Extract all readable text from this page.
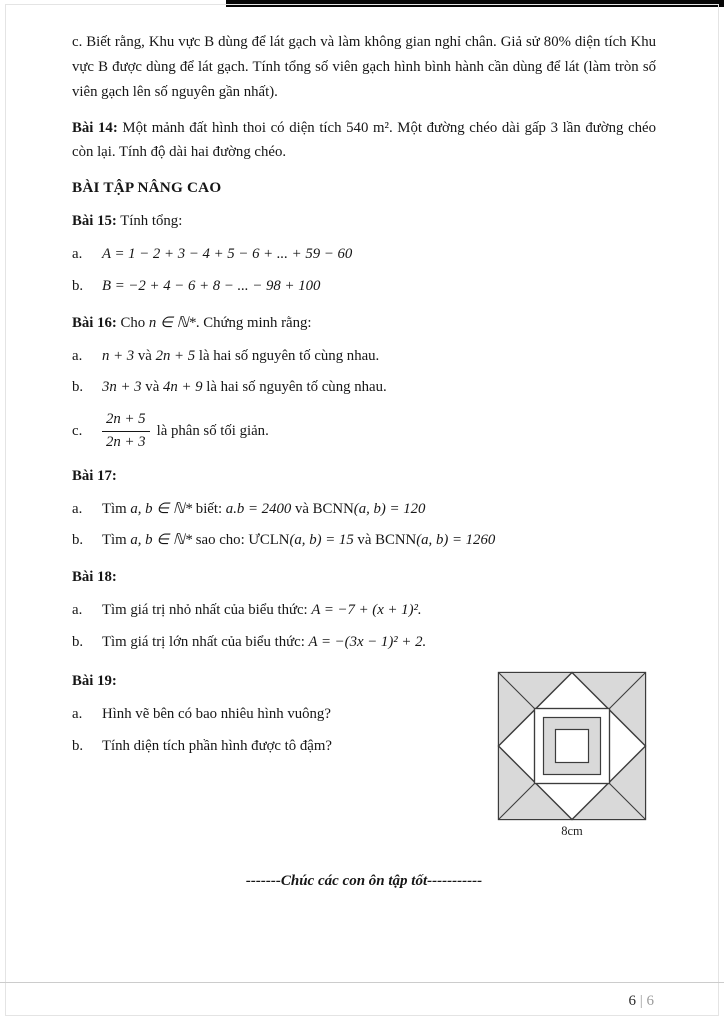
c. Biết rằng, Khu vực B dùng để lát gạch và làm không gian nghỉ chân. Giả sử 80% diện tích Khu vực B được dùng để lát gạch. Tính tổng số viên gạch hình bình hành cần dùng để lát (làm tròn số viên gạch lên số nguyên gần nhất).

Bài 14: Một mảnh đất hình thoi có diện tích 540 m². Một đường chéo dài gấp 3 lần đường chéo còn lại. Tính độ dài hai đường chéo.

BÀI TẬP NÂNG CAO

Bài 15: Tính tổng:

a.	A = 1 − 2 + 3 − 4 + 5 − 6 + ... + 59 − 60
b.	B = −2 + 4 − 6 + 8 − ... − 98 + 100

Bài 16: Cho n ∈ ℕ*. Chứng minh rằng:

a.	n + 3 và 2n + 5 là hai số nguyên tố cùng nhau.
b.	3n + 3 và 4n + 9 là hai số nguyên tố cùng nhau.
c.	$\frac{2n + 5}{2n + 3}$ là phân số tối giản.

Bài 17:

a.	Tìm a, b ∈ ℕ* biết: a.b = 2400 và BCNN(a, b) = 120
b.	Tìm a, b ∈ ℕ* sao cho: ƯCLN(a, b) = 15 và BCNN(a, b) = 1260

Bài 18:

a.	Tìm giá trị nhỏ nhất của biểu thức: A = −7 + (x + 1)².
b.	Tìm giá trị lớn nhất của biểu thức: A = −(3x − 1)² + 2.

Bài 19:

a.	Hình vẽ bên có bao nhiêu hình vuông?
b.	Tính diện tích phần hình được tô đậm?
8cm

-------Chúc các con ôn tập tốt-----------

6 | 6
